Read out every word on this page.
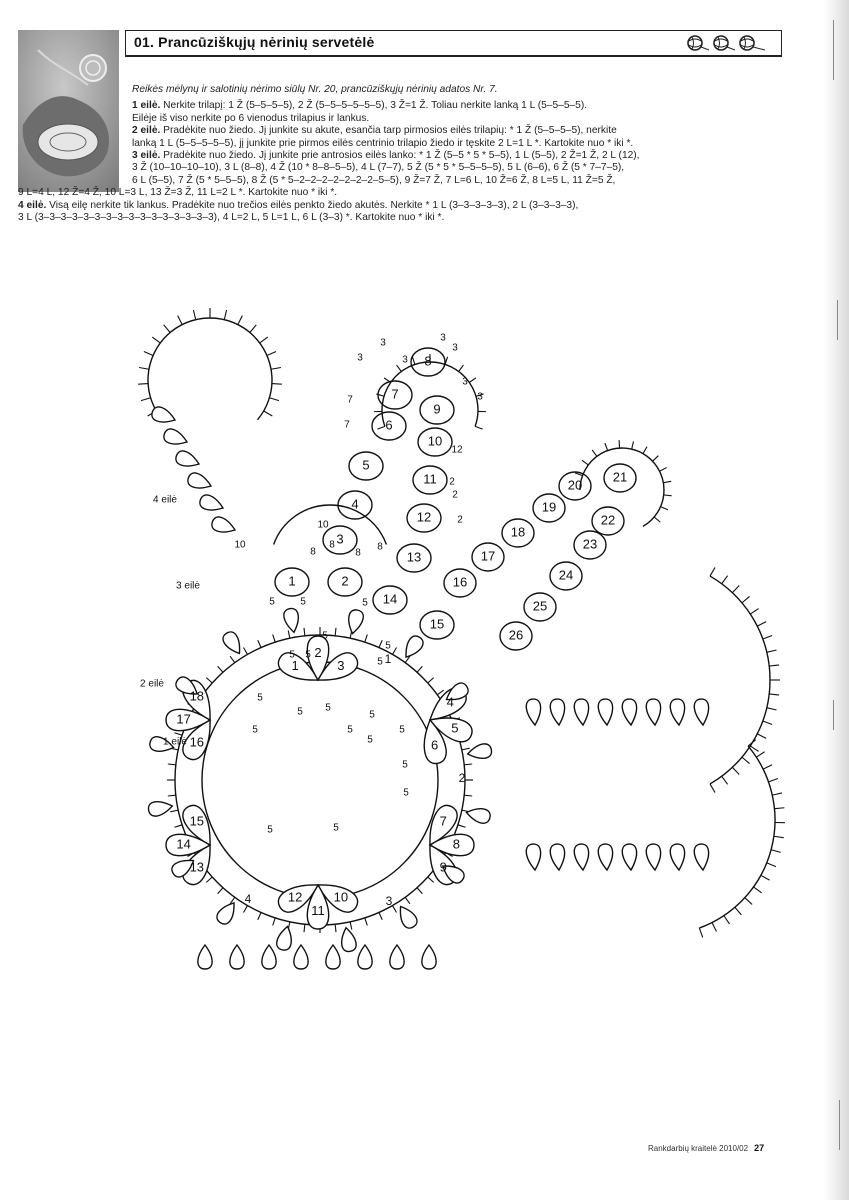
01. Prancūziškųjų nėrinių servetėlė

Reikės mėlynų ir salotinių nėrimo siūlų Nr. 20, prancūziškųjų nėrinių adatos Nr. 7.

1 eilė. Nerkite trilapį: 1 Ž (5–5–5–5), 2 Ž (5–5–5–5–5–5), 3 Ž=1 Ž. Toliau nerkite lanką 1 L (5–5–5–5).

Eilėje iš viso nerkite po 6 vienodus trilapius ir lankus.

2 eilė. Pradėkite nuo žiedo. Jį junkite su akute, esančia tarp pirmosios eilės trilapių: * 1 Ž (5–5–5–5), nerkite

lanką 1 L (5–5–5–5–5), jį junkite prie pirmos eilės centrinio trilapio žiedo ir tęskite 2 L=1 L *. Kartokite nuo * iki *.

3 eilė. Pradėkite nuo žiedo. Jį junkite prie antrosios eilės lanko: * 1 Ž (5–5 * 5 * 5–5), 1 L (5–5), 2 Ž=1 Ž, 2 L (12),

3 Ž (10–10–10–10), 3 L (8–8), 4 Ž (10 * 8–8–5–5), 4 L (7–7), 5 Ž (5 * 5 * 5–5–5–5), 5 L (6–6), 6 Ž (5 * 7–7–5),

6 L (5–5), 7 Ž (5 * 5–5–5), 8 Ž (5 * 5–2–2–2–2–2–2–2–5–5), 9 Ž=7 Ž, 7 L=6 L, 10 Ž=6 Ž, 8 L=5 L, 11 Ž=5 Ž,

9 L=4 L, 12 Ž=4 Ž, 10 L=3 L, 13 Ž=3 Ž, 11 L=2 L *. Kartokite nuo * iki *.

4 eilė. Visą eilę nerkite tik lankus. Pradėkite nuo trečios eilės penkto žiedo akutės. Nerkite * 1 L (3–3–3–3–3), 2 L (3–3–3–3),

3 L (3–3–3–3–3–3–3–3–3–3–3–3–3–3–3–3), 4 L=2 L, 5 L=1 L, 6 L (3–3) *. Kartokite nuo * iki *.

1
2
3
4
5
6
7
8
9
10
11
12
13
14
15
16
17
18
1
2
3
4
1	2
3
4
5
6
7
8
9
10
11
12
13
14
15
16
17
18
19
20
21
22
23
24
25
26
5	5	5
5
5
5
5
5
5
5
5
5
5
5
5	5
5
5
5
5
10
10
8
8
8
8
3
3
3
3
3
3
3
7
7
12
2
2
2
4 eilė
3 eilė
2 eilė
1 eilė
Rankdarbių kraitelė 2010/02 27
